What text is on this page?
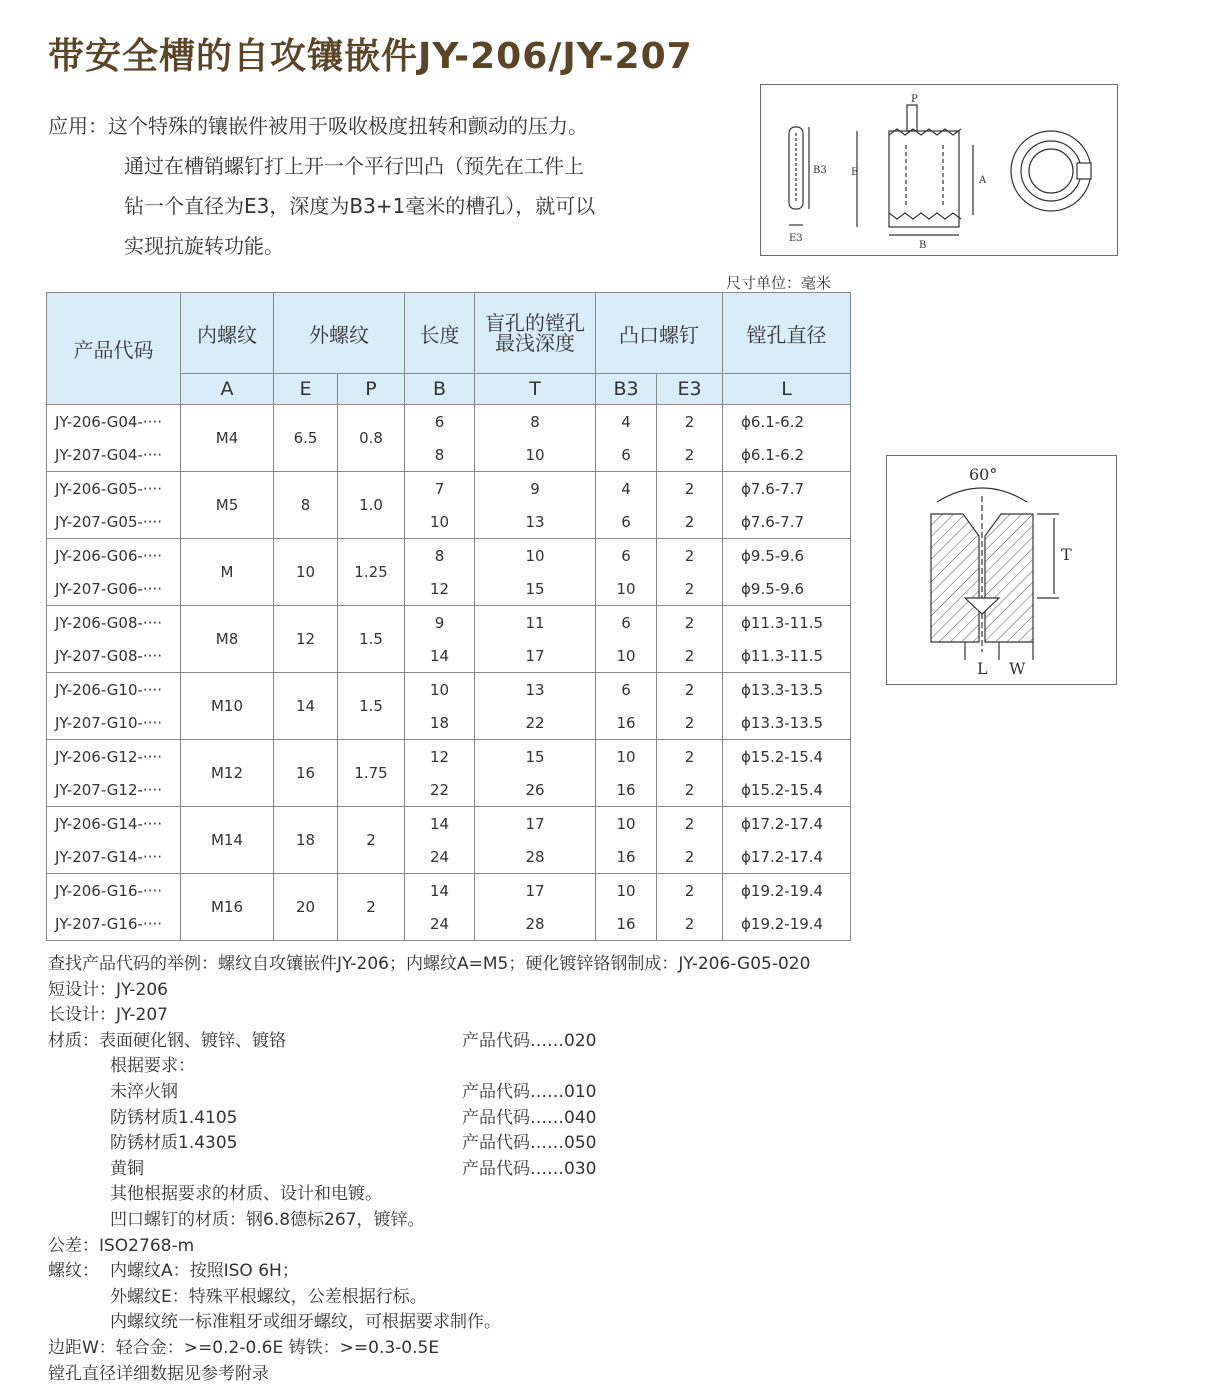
带安全槽的自攻镶嵌件JY-206/JY-207
应用：这个特殊的镶嵌件被用于吸收极度扭转和颤动的压力。
通过在槽销螺钉打上开一个平行凹凸（预先在工件上
钻一个直径为E3，深度为B3+1毫米的槽孔），就可以
实现抗旋转功能。
B3
E3
P
E
A
B
60°
T
L W
尺寸单位：毫米
产品代码	内螺纹	外螺纹		长度	盲孔的镗孔
最浅深度	凸口螺钉		镗孔直径
	A	E	P	B	T	B3	E3	L
JY-206-G04-····	M4	6.5	0.8	6	8	4	2	ϕ6.1-6.2
JY-207-G04-····				8	10	6	2	ϕ6.1-6.2
JY-206-G05-····	M5	8	1.0	7	9	4	2	ϕ7.6-7.7
JY-207-G05-····				10	13	6	2	ϕ7.6-7.7
JY-206-G06-····	M	10	1.25	8	10	6	2	ϕ9.5-9.6
JY-207-G06-····				12	15	10	2	ϕ9.5-9.6
JY-206-G08-····	M8	12	1.5	9	11	6	2	ϕ11.3-11.5
JY-207-G08-····				14	17	10	2	ϕ11.3-11.5
JY-206-G10-····	M10	14	1.5	10	13	6	2	ϕ13.3-13.5
JY-207-G10-····				18	22	16	2	ϕ13.3-13.5
JY-206-G12-····	M12	16	1.75	12	15	10	2	ϕ15.2-15.4
JY-207-G12-····				22	26	16	2	ϕ15.2-15.4
JY-206-G14-····	M14	18	2	14	17	10	2	ϕ17.2-17.4
JY-207-G14-····				24	28	16	2	ϕ17.2-17.4
JY-206-G16-····	M16	20	2	14	17	10	2	ϕ19.2-19.4
JY-207-G16-····				24	28	16	2	ϕ19.2-19.4
查找产品代码的举例：螺纹自攻镶嵌件JY-206；内螺纹A=M5；硬化镀锌铬钢制成：JY-206-G05-020
短设计：JY-206
长设计：JY-207
材质：表面硬化钢、镀锌、镀铬	产品代码……020
根据要求：
未淬火钢	产品代码……010
防锈材质1.4105	产品代码……040
防锈材质1.4305	产品代码……050
黄铜	产品代码……030
其他根据要求的材质、设计和电镀。
凹口螺钉的材质：钢6.8德标267，镀锌。
公差：ISO2768-m
螺纹： 内螺纹A：按照ISO 6H；
外螺纹E：特殊平根螺纹，公差根据行标。
内螺纹统一标准粗牙或细牙螺纹，可根据要求制作。
边距W：轻合金：>=0.2-0.6E 铸铁：>=0.3-0.5E
镗孔直径详细数据见参考附录
